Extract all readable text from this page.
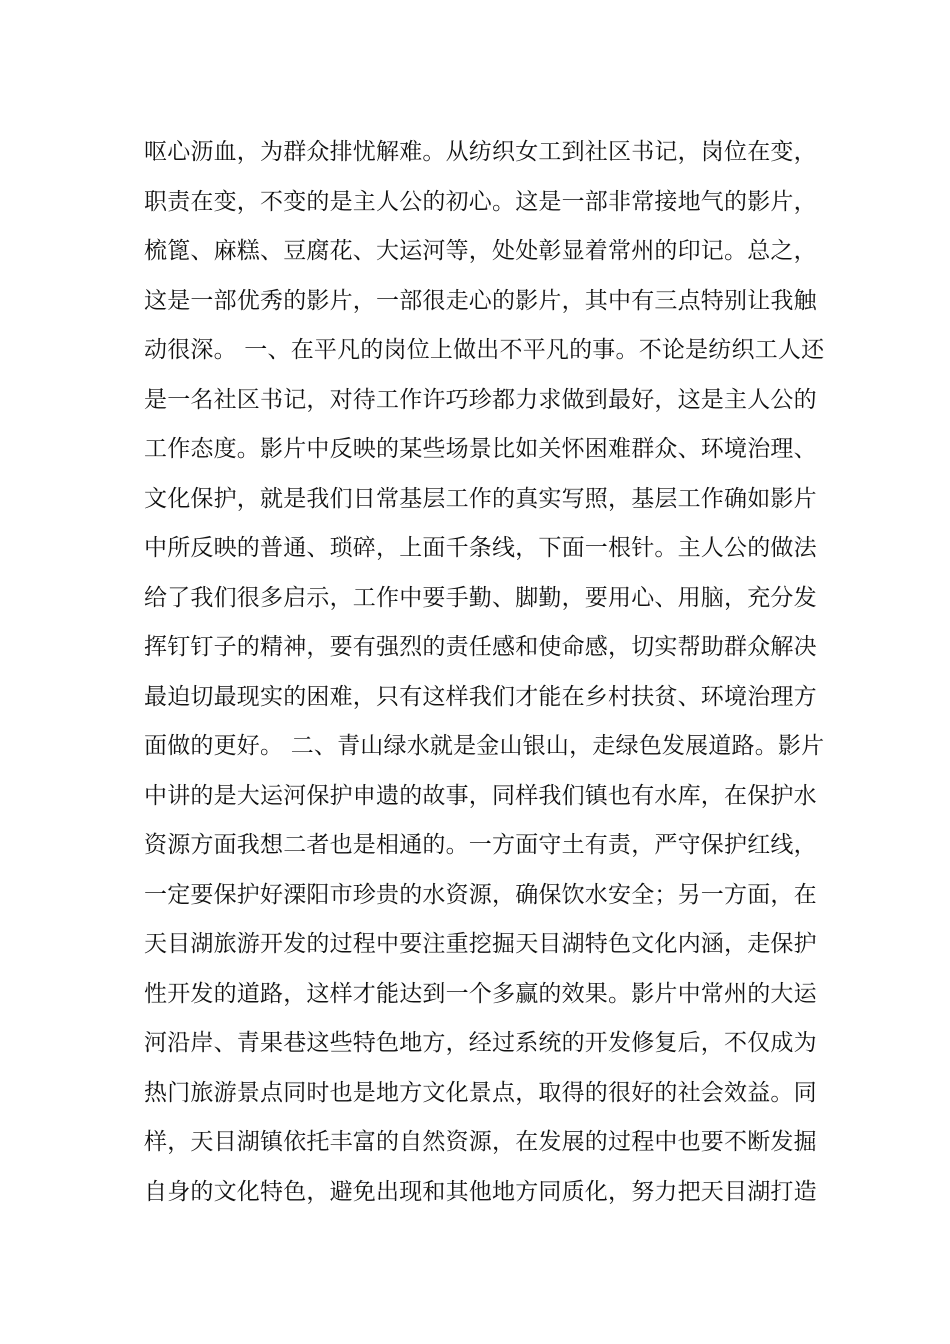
呕心沥血，为群众排忧解难。从纺织女工到社区书记，岗位在变，
职责在变，不变的是主人公的初心。这是一部非常接地气的影片，
梳篦、麻糕、豆腐花、大运河等，处处彰显着常州的印记。总之，
这是一部优秀的影片，一部很走心的影片，其中有三点特别让我触
动很深。 一、在平凡的岗位上做出不平凡的事。不论是纺织工人还
是一名社区书记，对待工作许巧珍都力求做到最好，这是主人公的
工作态度。影片中反映的某些场景比如关怀困难群众、环境治理、
文化保护，就是我们日常基层工作的真实写照，基层工作确如影片
中所反映的普通、琐碎，上面千条线，下面一根针。主人公的做法
给了我们很多启示，工作中要手勤、脚勤，要用心、用脑，充分发
挥钉钉子的精神，要有强烈的责任感和使命感，切实帮助群众解决
最迫切最现实的困难，只有这样我们才能在乡村扶贫、环境治理方
面做的更好。 二、青山绿水就是金山银山，走绿色发展道路。影片
中讲的是大运河保护申遗的故事，同样我们镇也有水库，在保护水
资源方面我想二者也是相通的。一方面守土有责，严守保护红线，
一定要保护好溧阳市珍贵的水资源，确保饮水安全；另一方面，在
天目湖旅游开发的过程中要注重挖掘天目湖特色文化内涵，走保护
性开发的道路，这样才能达到一个多赢的效果。影片中常州的大运
河沿岸、青果巷这些特色地方，经过系统的开发修复后，不仅成为
热门旅游景点同时也是地方文化景点，取得的很好的社会效益。同
样，天目湖镇依托丰富的自然资源，在发展的过程中也要不断发掘
自身的文化特色，避免出现和其他地方同质化，努力把天目湖打造
